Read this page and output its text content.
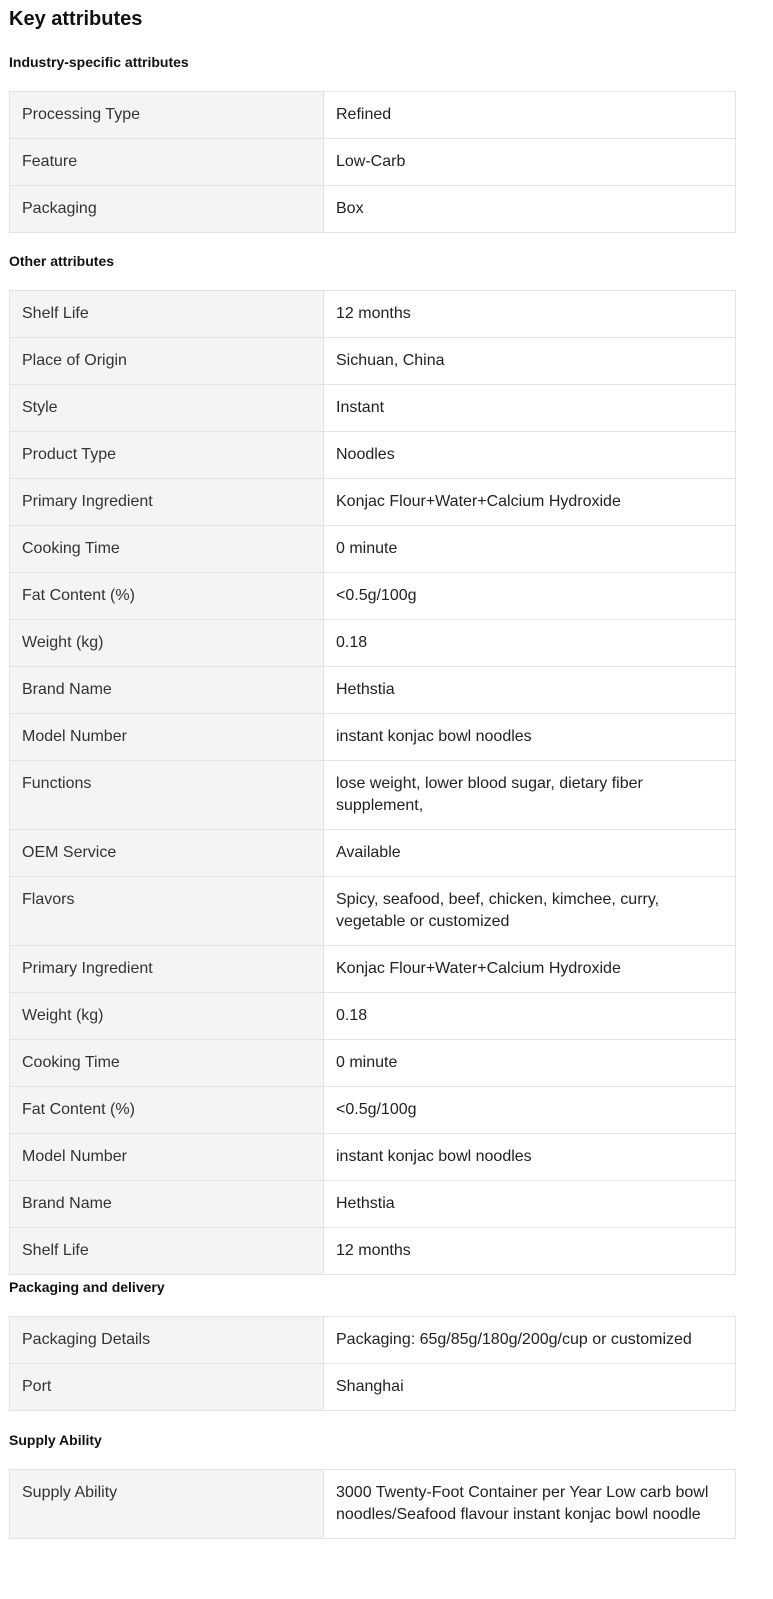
Key attributes
Industry-specific attributes
Processing Type	Refined
Feature	Low-Carb
Packaging	Box
Other attributes
Shelf Life	12 months
Place of Origin	Sichuan, China
Style	Instant
Product Type	Noodles
Primary Ingredient	Konjac Flour+Water+Calcium Hydroxide
Cooking Time	0 minute
Fat Content (%)	<0.5g/100g
Weight (kg)	0.18
Brand Name	Hethstia
Model Number	instant konjac bowl noodles
Functions	lose weight, lower blood sugar, dietary fiber supplement,
OEM Service	Available
Flavors	Spicy, seafood, beef, chicken, kimchee, curry, vegetable or customized
Primary Ingredient	Konjac Flour+Water+Calcium Hydroxide
Weight (kg)	0.18
Cooking Time	0 minute
Fat Content (%)	<0.5g/100g
Model Number	instant konjac bowl noodles
Brand Name	Hethstia
Shelf Life	12 months
Packaging and delivery
Packaging Details	Packaging: 65g/85g/180g/200g/cup or customized
Port	Shanghai
Supply Ability
Supply Ability	3000 Twenty-Foot Container per Year Low carb bowl noodles/Seafood flavour instant konjac bowl noodle
